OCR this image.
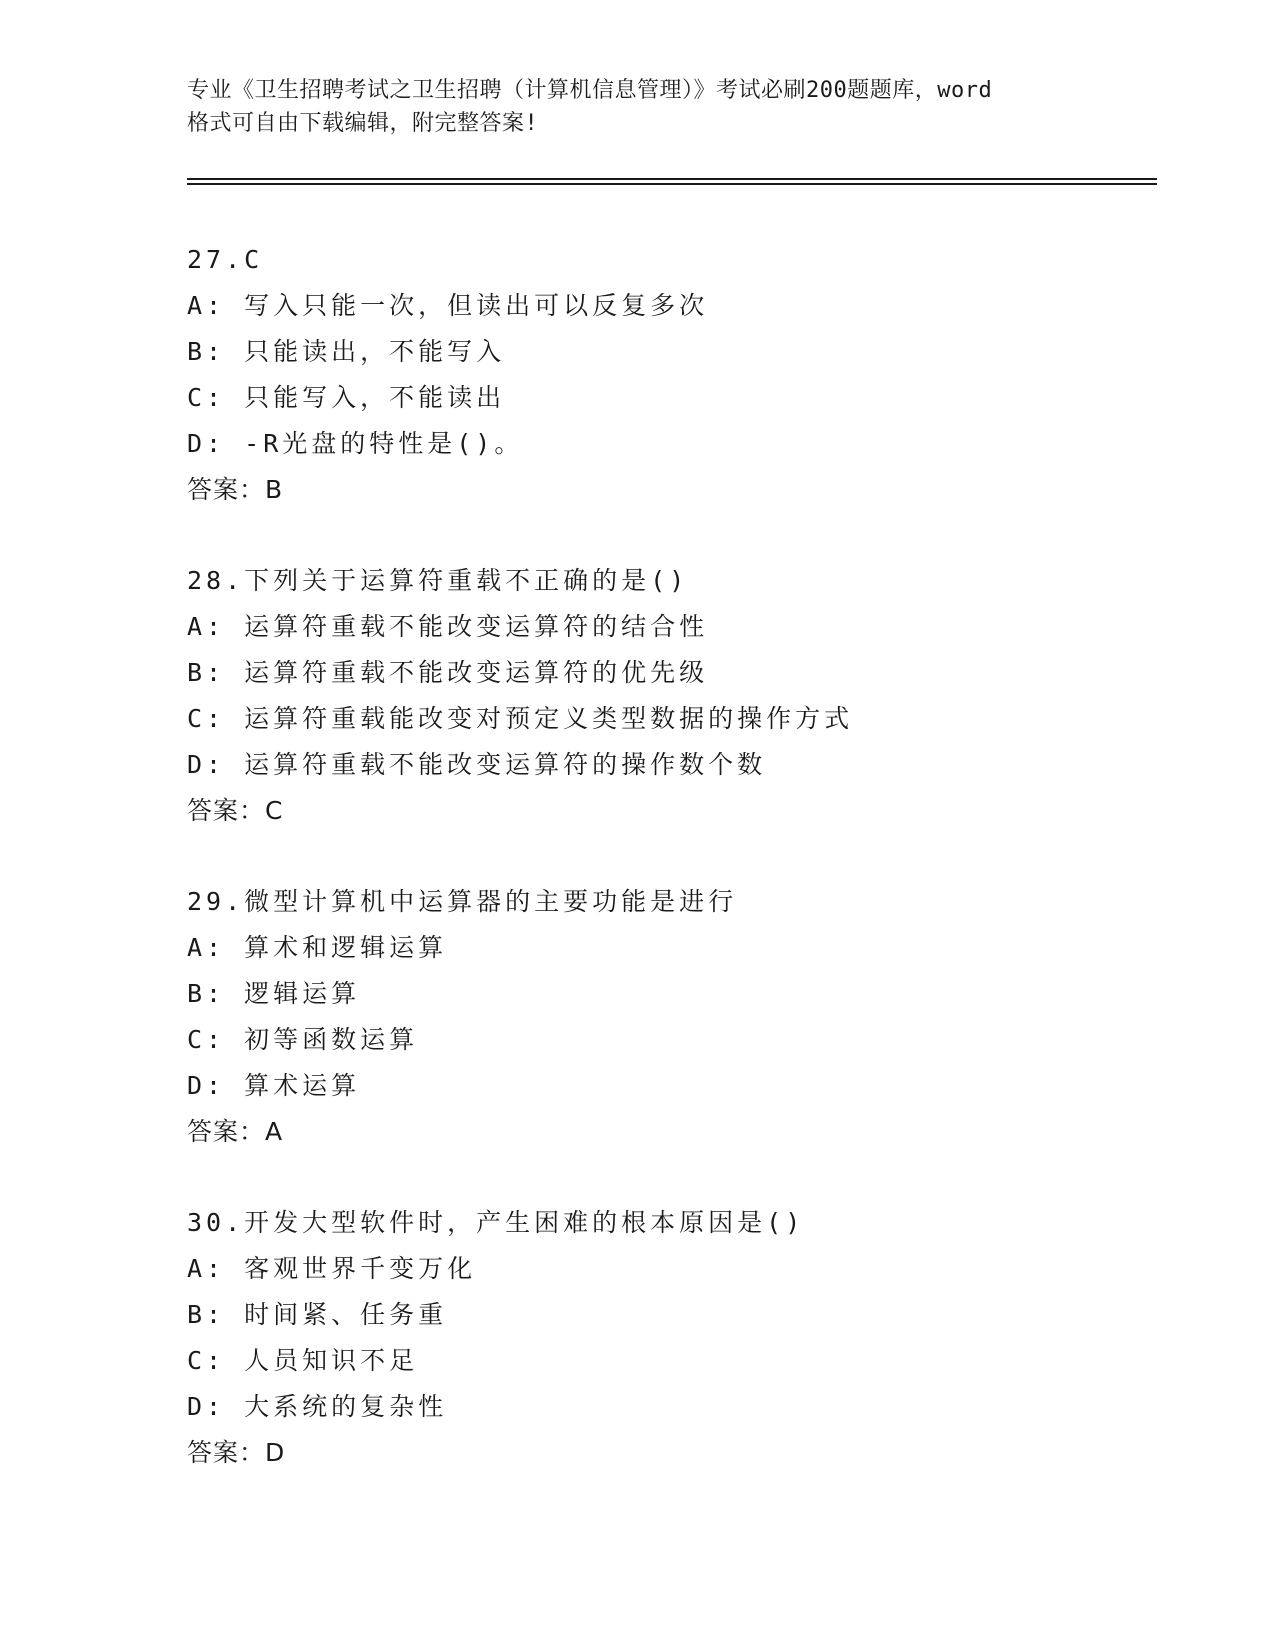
专业《卫生招聘考试之卫生招聘（计算机信息管理）》考试必刷200题题库，word
格式可自由下载编辑，附完整答案!
27.C
A: 写入只能一次，但读出可以反复多次
B: 只能读出，不能写入
C: 只能写入，不能读出
D: -R光盘的特性是()。
答案：B
28.下列关于运算符重载不正确的是()
A: 运算符重载不能改变运算符的结合性
B: 运算符重载不能改变运算符的优先级
C: 运算符重载能改变对预定义类型数据的操作方式
D: 运算符重载不能改变运算符的操作数个数
答案：C
29.微型计算机中运算器的主要功能是进行
A: 算术和逻辑运算
B: 逻辑运算
C: 初等函数运算
D: 算术运算
答案：A
30.开发大型软件时，产生困难的根本原因是()
A: 客观世界千变万化
B: 时间紧、任务重
C: 人员知识不足
D: 大系统的复杂性
答案：D
